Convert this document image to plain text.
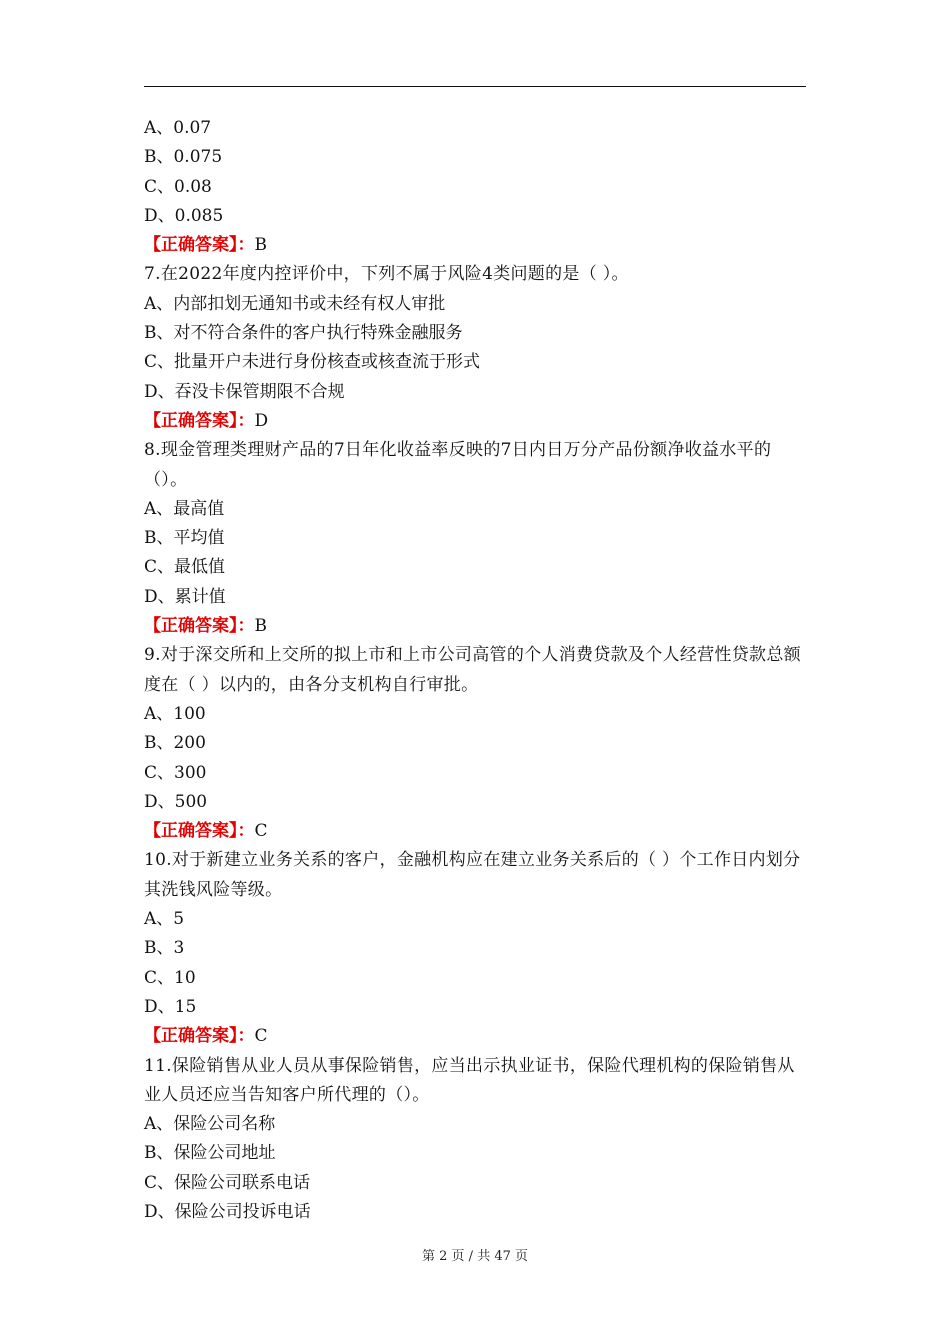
A、0.07
B、0.075
C、0.08
D、0.085
【正确答案】：B
7.在2022年度内控评价中，下列不属于风险4类问题的是（ ）。
A、内部扣划无通知书或未经有权人审批
B、对不符合条件的客户执行特殊金融服务
C、批量开户未进行身份核查或核查流于形式
D、吞没卡保管期限不合规
【正确答案】：D
8.现金管理类理财产品的7日年化收益率反映的7日内日万分产品份额净收益水平的（）。
A、最高值
B、平均值
C、最低值
D、累计值
【正确答案】：B
9.对于深交所和上交所的拟上市和上市公司高管的个人消费贷款及个人经营性贷款总额度在（ ）以内的，由各分支机构自行审批。
A、100
B、200
C、300
D、500
【正确答案】：C
10.对于新建立业务关系的客户，金融机构应在建立业务关系后的（ ）个工作日内划分其洗钱风险等级。
A、5
B、3
C、10
D、15
【正确答案】：C
11.保险销售从业人员从事保险销售，应当出示执业证书，保险代理机构的保险销售从业人员还应当告知客户所代理的（）。
A、保险公司名称
B、保险公司地址
C、保险公司联系电话
D、保险公司投诉电话
第 2 页 / 共 47 页
